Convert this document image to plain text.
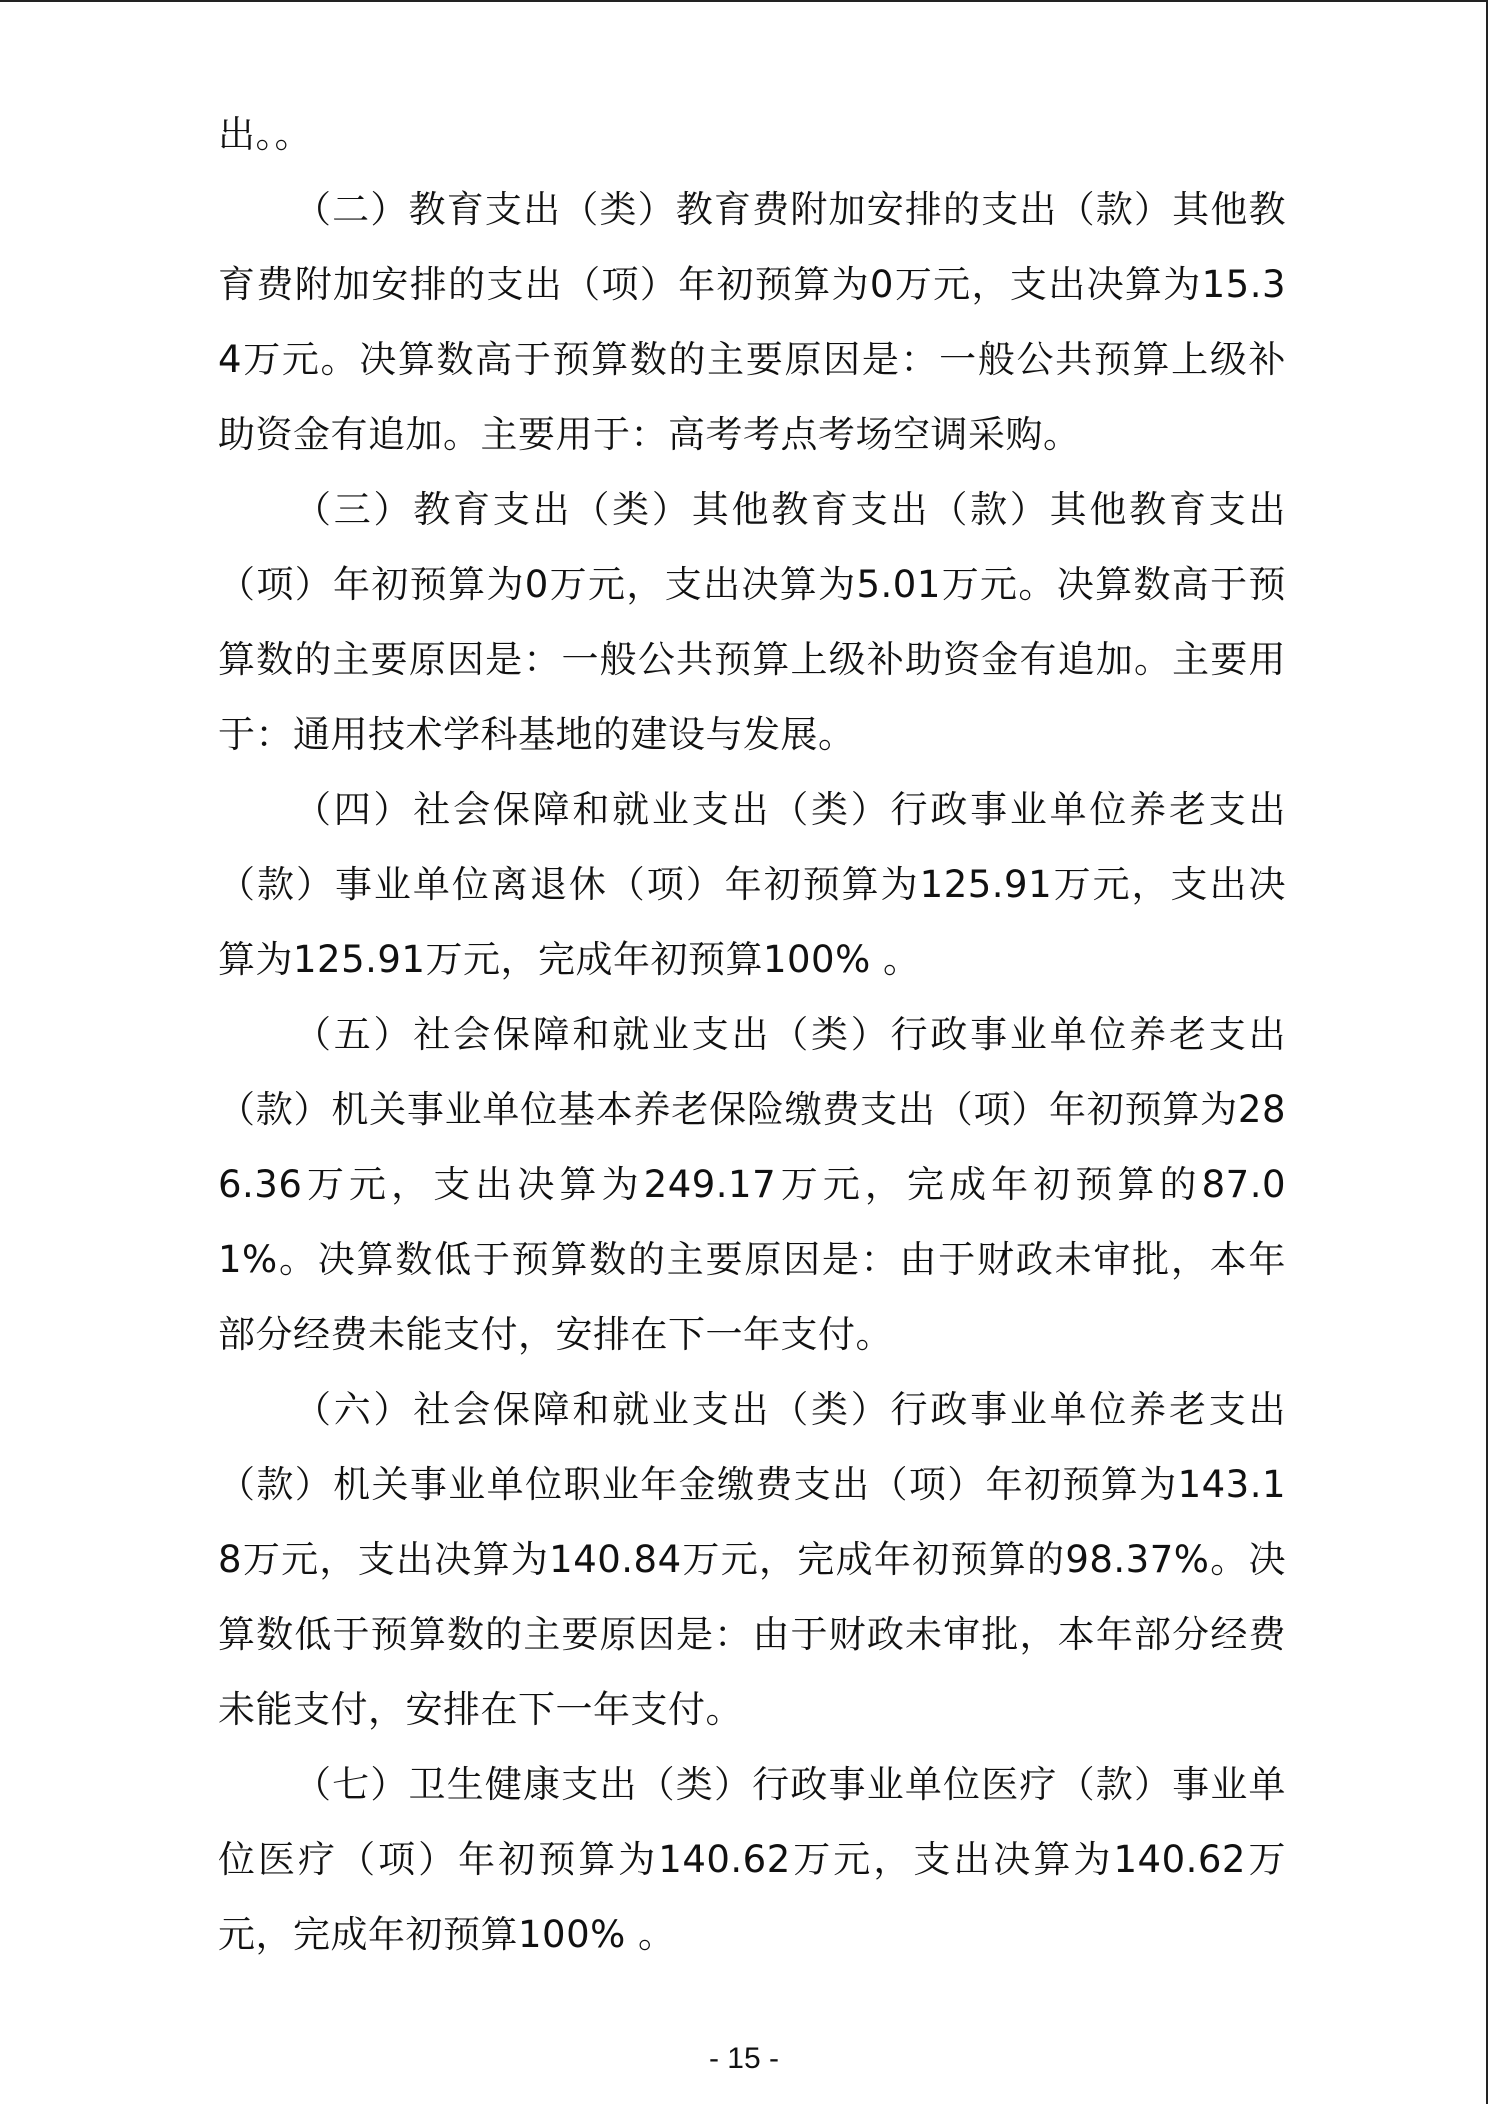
出。。

（二）教育支出（类）教育费附加安排的支出（款）其他教育费附加安排的支出（项）年初预算为0万元，支出决算为15.34万元。决算数高于预算数的主要原因是：一般公共预算上级补助资金有追加。主要用于：高考考点考场空调采购。

（三）教育支出（类）其他教育支出（款）其他教育支出（项）年初预算为0万元，支出决算为5.01万元。决算数高于预算数的主要原因是：一般公共预算上级补助资金有追加。主要用于：通用技术学科基地的建设与发展。

（四）社会保障和就业支出（类）行政事业单位养老支出（款）事业单位离退休（项）年初预算为125.91万元，支出决算为125.91万元，完成年初预算100% 。

（五）社会保障和就业支出（类）行政事业单位养老支出（款）机关事业单位基本养老保险缴费支出（项）年初预算为286.36万元，支出决算为249.17万元，完成年初预算的87.01%。决算数低于预算数的主要原因是：由于财政未审批，本年部分经费未能支付，安排在下一年支付。

（六）社会保障和就业支出（类）行政事业单位养老支出（款）机关事业单位职业年金缴费支出（项）年初预算为143.18万元，支出决算为140.84万元，完成年初预算的98.37%。决算数低于预算数的主要原因是：由于财政未审批，本年部分经费未能支付，安排在下一年支付。

（七）卫生健康支出（类）行政事业单位医疗（款）事业单位医疗（项）年初预算为140.62万元，支出决算为140.62万元，完成年初预算100% 。

- 15 -
